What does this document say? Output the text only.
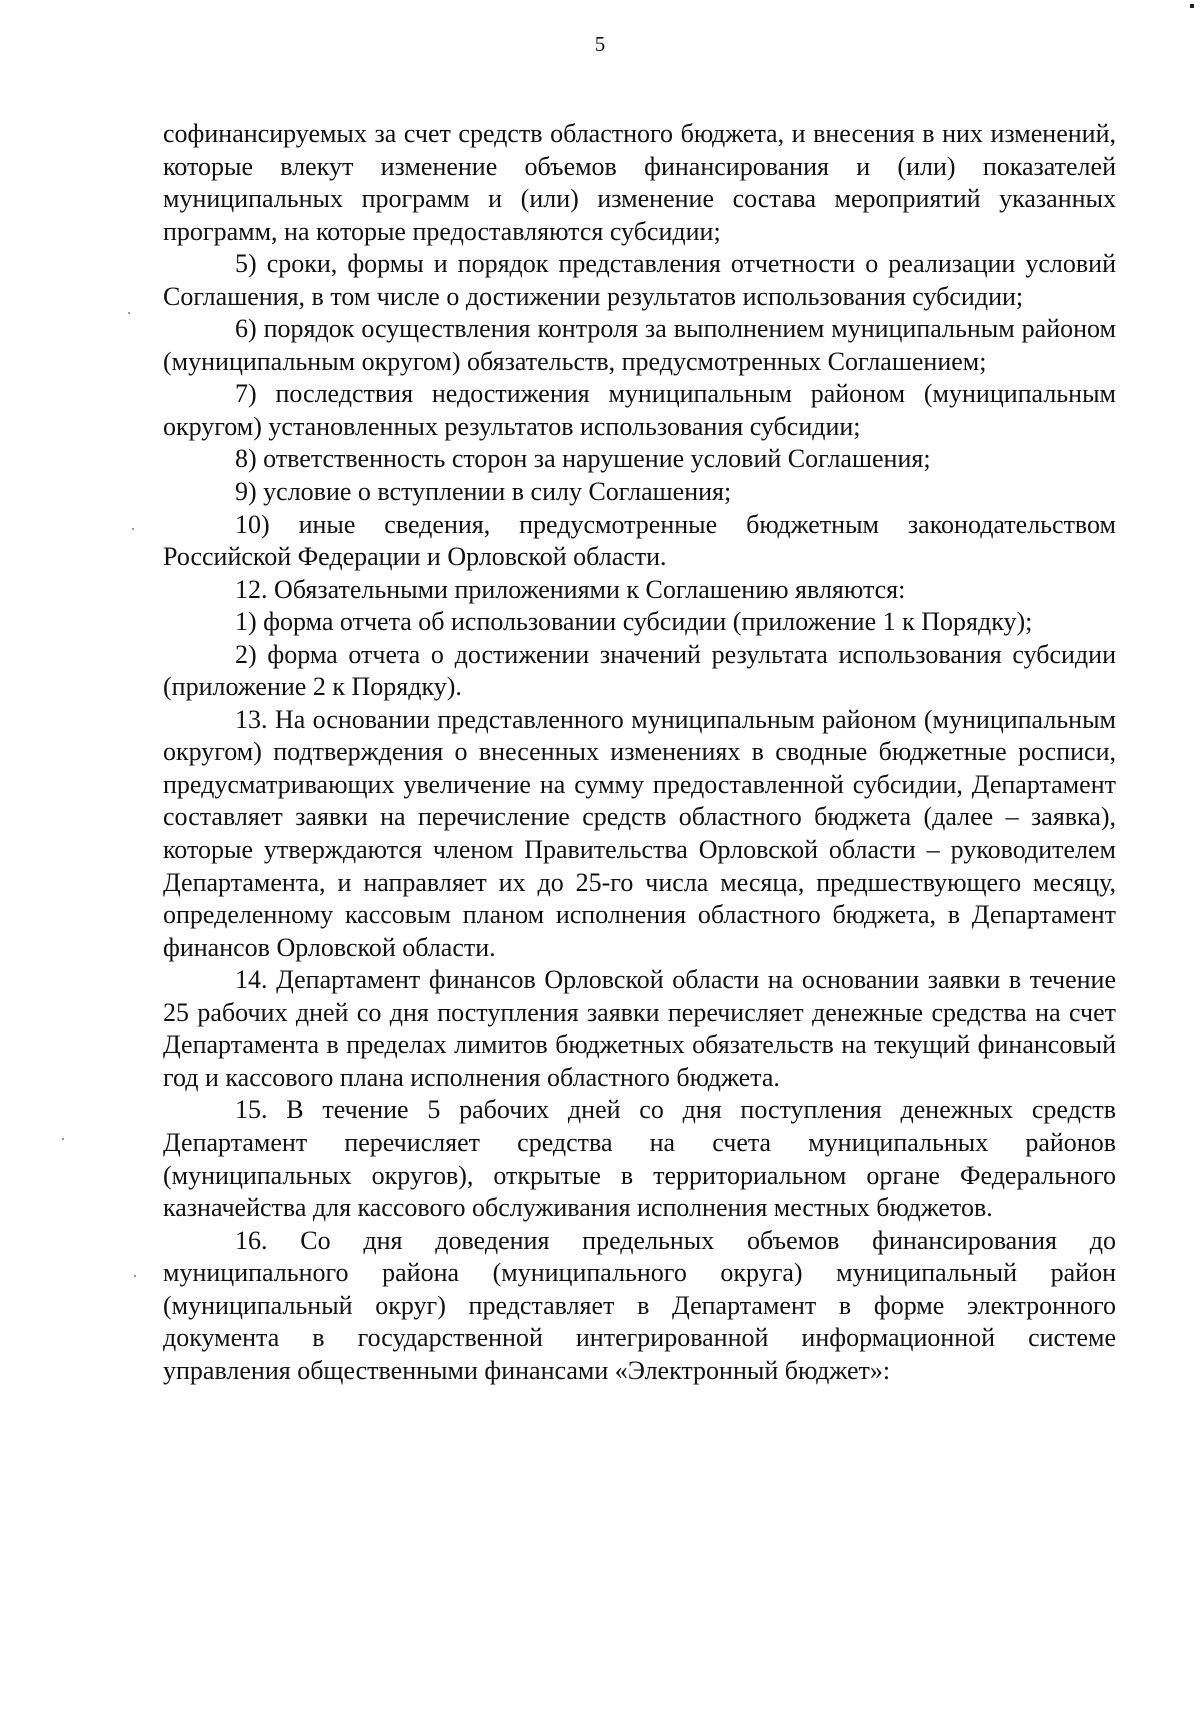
5

софинансируемых за счет средств областного бюджета, и внесения в них изменений, которые влекут изменение объемов финансирования и (или) показателей муниципальных программ и (или) изменение состава мероприятий указанных программ, на которые предоставляются субсидии;

5) сроки, формы и порядок представления отчетности о реализации условий Соглашения, в том числе о достижении результатов использования субсидии;

6) порядок осуществления контроля за выполнением муниципальным районом (муниципальным округом) обязательств, предусмотренных Соглашением;

7) последствия недостижения муниципальным районом (муниципальным округом) установленных результатов использования субсидии;

8) ответственность сторон за нарушение условий Соглашения;

9) условие о вступлении в силу Соглашения;

10) иные сведения, предусмотренные бюджетным законодательством Российской Федерации и Орловской области.

12. Обязательными приложениями к Соглашению являются:

1) форма отчета об использовании субсидии (приложение 1 к Порядку);

2) форма отчета о достижении значений результата использования субсидии (приложение 2 к Порядку).

13. На основании представленного муниципальным районом (муниципальным округом) подтверждения о внесенных изменениях в сводные бюджетные росписи, предусматривающих увеличение на сумму предоставленной субсидии, Департамент составляет заявки на перечисление средств областного бюджета (далее – заявка), которые утверждаются членом Правительства Орловской области – руководителем Департамента, и направляет их до 25-го числа месяца, предшествующего месяцу, определенному кассовым планом исполнения областного бюджета, в Департамент финансов Орловской области.

14. Департамент финансов Орловской области на основании заявки в течение 25 рабочих дней со дня поступления заявки перечисляет денежные средства на счет Департамента в пределах лимитов бюджетных обязательств на текущий финансовый год и кассового плана исполнения областного бюджета.

15. В течение 5 рабочих дней со дня поступления денежных средств Департамент перечисляет средства на счета муниципальных районов (муниципальных округов), открытые в территориальном органе Федерального казначейства для кассового обслуживания исполнения местных бюджетов.

16. Со дня доведения предельных объемов финансирования до муниципального района (муниципального округа) муниципальный район (муниципальный округ) представляет в Департамент в форме электронного документа в государственной интегрированной информационной системе управления общественными финансами «Электронный бюджет»:
